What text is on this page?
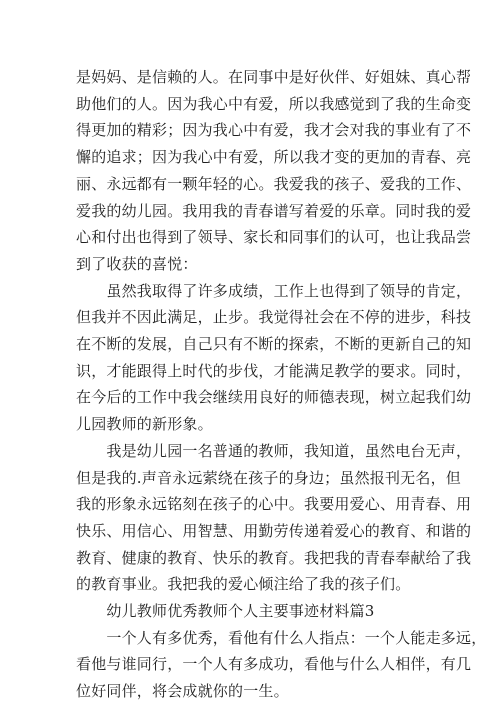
是妈妈、是信赖的人。在同事中是好伙伴、好姐妹、真心帮
助他们的人。因为我心中有爱，所以我感觉到了我的生命变
得更加的精彩；因为我心中有爱，我才会对我的事业有了不
懈的追求；因为我心中有爱，所以我才变的更加的青春、亮
丽、永远都有一颗年轻的心。我爱我的孩子、爱我的工作、
爱我的幼儿园。我用我的青春谱写着爱的乐章。同时我的爱
心和付出也得到了领导、家长和同事们的认可，也让我品尝
到了收获的喜悦：
　　虽然我取得了许多成绩，工作上也得到了领导的肯定，
但我并不因此满足，止步。我觉得社会在不停的进步，科技
在不断的发展，自己只有不断的探索，不断的更新自己的知
识，才能跟得上时代的步伐，才能满足教学的要求。同时，
在今后的工作中我会继续用良好的师德表现，树立起我们幼
儿园教师的新形象。
　　我是幼儿园一名普通的教师，我知道，虽然电台无声，
但是我的.声音永远萦绕在孩子的身边；虽然报刊无名，但
我的形象永远铭刻在孩子的心中。我要用爱心、用青春、用
快乐、用信心、用智慧、用勤劳传递着爱心的教育、和谐的
教育、健康的教育、快乐的教育。我把我的青春奉献给了我
的教育事业。我把我的爱心倾注给了我的孩子们。
　　幼儿教师优秀教师个人主要事迹材料篇3
　　一个人有多优秀，看他有什么人指点：一个人能走多远，
看他与谁同行，一个人有多成功，看他与什么人相伴，有几
位好同伴，将会成就你的一生。
